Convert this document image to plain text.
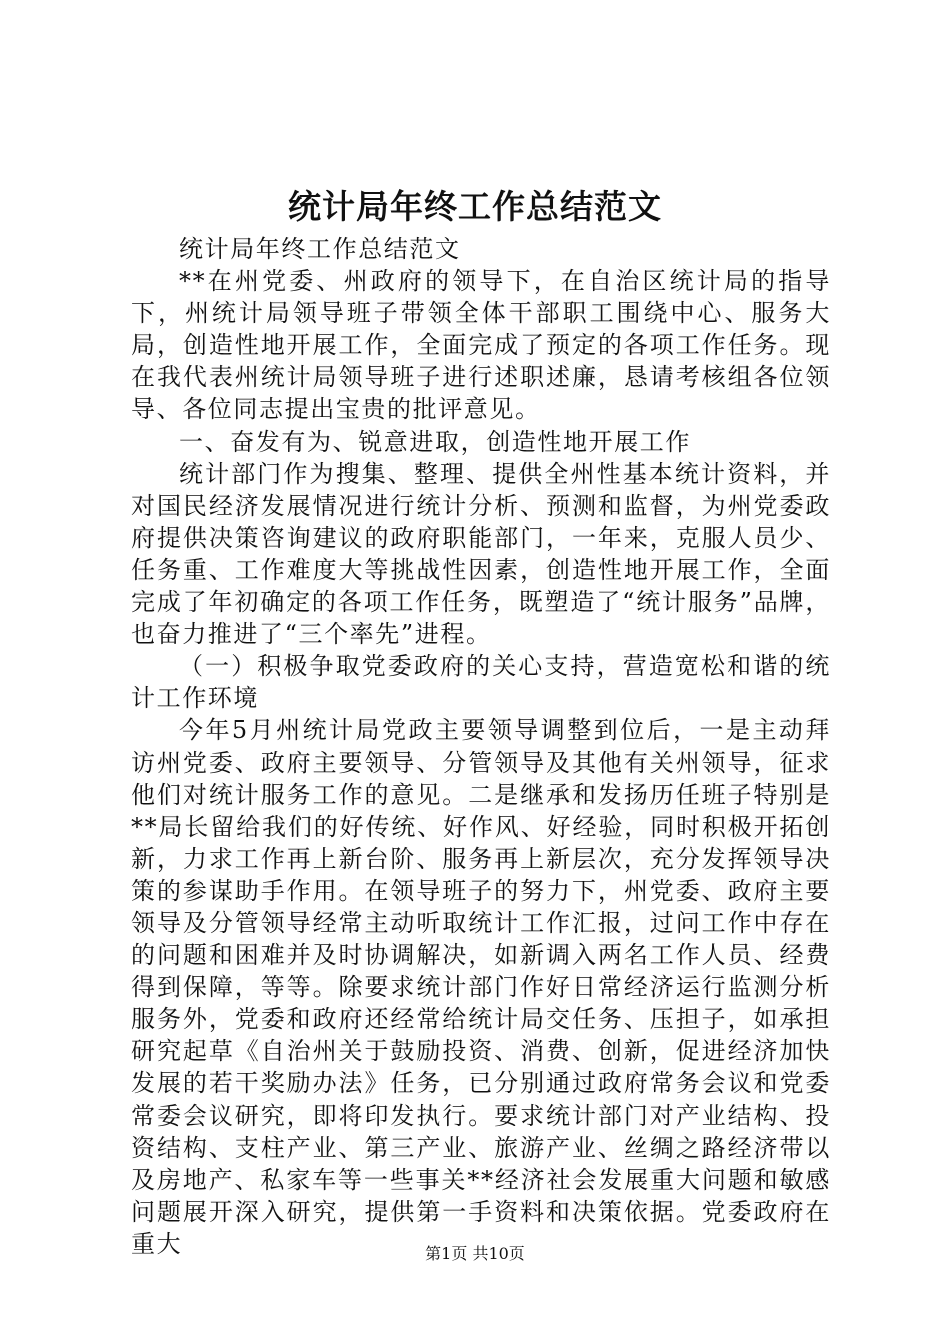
统计局年终工作总结范文

统计局年终工作总结范文

**在州党委、州政府的领导下，在自治区统计局的指导下，州统计局领导班子带领全体干部职工围绕中心、服务大局，创造性地开展工作，全面完成了预定的各项工作任务。现在我代表州统计局领导班子进行述职述廉，恳请考核组各位领导、各位同志提出宝贵的批评意见。

一、奋发有为、锐意进取，创造性地开展工作

统计部门作为搜集、整理、提供全州性基本统计资料，并对国民经济发展情况进行统计分析、预测和监督，为州党委政府提供决策咨询建议的政府职能部门，一年来，克服人员少、任务重、工作难度大等挑战性因素，创造性地开展工作，全面完成了年初确定的各项工作任务，既塑造了“统计服务”品牌，也奋力推进了“三个率先”进程。

（一）积极争取党委政府的关心支持，营造宽松和谐的统计工作环境

今年5月州统计局党政主要领导调整到位后，一是主动拜访州党委、政府主要领导、分管领导及其他有关州领导，征求他们对统计服务工作的意见。二是继承和发扬历任班子特别是**局长留给我们的好传统、好作风、好经验，同时积极开拓创新，力求工作再上新台阶、服务再上新层次，充分发挥领导决策的参谋助手作用。在领导班子的努力下，州党委、政府主要领导及分管领导经常主动听取统计工作汇报，过问工作中存在的问题和困难并及时协调解决，如新调入两名工作人员、经费得到保障，等等。除要求统计部门作好日常经济运行监测分析服务外，党委和政府还经常给统计局交任务、压担子，如承担研究起草《自治州关于鼓励投资、消费、创新，促进经济加快发展的若干奖励办法》任务，已分别通过政府常务会议和党委常委会议研究，即将印发执行。要求统计部门对产业结构、投资结构、支柱产业、第三产业、旅游产业、丝绸之路经济带以及房地产、私家车等一些事关**经济社会发展重大问题和敏感问题展开深入研究，提供第一手资料和决策依据。党委政府在重大	第1页 共10页
